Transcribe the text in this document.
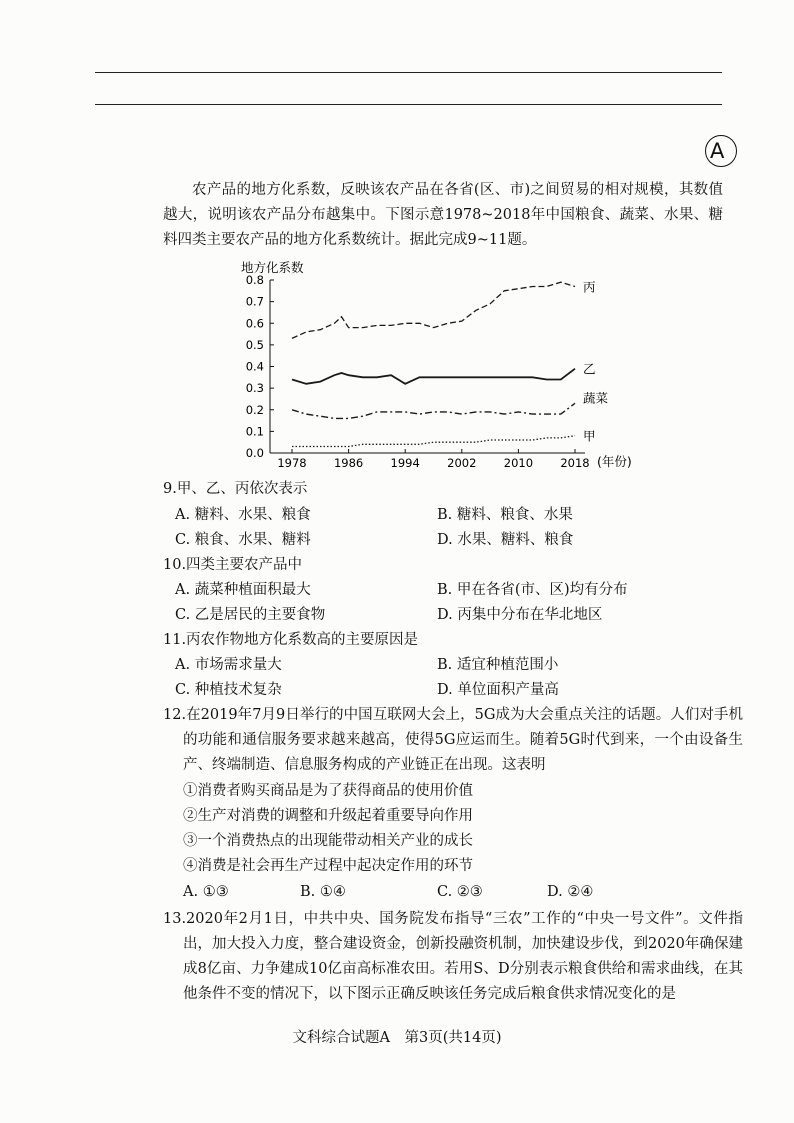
A
农产品的地方化系数，反映该农产品在各省(区、市)之间贸易的相对规模，其数值越大，说明该农产品分布越集中。下图示意1978~2018年中国粮食、蔬菜、水果、糖料四类主要农产品的地方化系数统计。据此完成9~11题。
地方化系数
0.0
0.1
0.2
0.3
0.4
0.5
0.6
0.7
0.8
1978 1986 1994 2002 2010 2018
丙
乙
蔬菜
甲
(年份)
9.甲、乙、丙依次表示
A. 糖料、水果、粮食	B. 糖料、粮食、水果
C. 粮食、水果、糖料	D. 水果、糖料、粮食
10.四类主要农产品中
A. 蔬菜种植面积最大	B. 甲在各省(市、区)均有分布
C. 乙是居民的主要食物	D. 丙集中分布在华北地区
11.丙农作物地方化系数高的主要原因是
A. 市场需求量大	B. 适宜种植范围小
C. 种植技术复杂	D. 单位面积产量高
12.在2019年7月9日举行的中国互联网大会上，5G成为大会重点关注的话题。人们对手机的功能和通信服务要求越来越高，使得5G应运而生。随着5G时代到来，一个由设备生产、终端制造、信息服务构成的产业链正在出现。这表明
①消费者购买商品是为了获得商品的使用价值
②生产对消费的调整和升级起着重要导向作用
③一个消费热点的出现能带动相关产业的成长
④消费是社会再生产过程中起决定作用的环节
A. ①③	B. ①④	C. ②③	D. ②④
13.2020年2月1日，中共中央、国务院发布指导“三农”工作的“中央一号文件”。文件指出，加大投入力度，整合建设资金，创新投融资机制，加快建设步伐，到2020年确保建成8亿亩、力争建成10亿亩高标准农田。若用S、D分别表示粮食供给和需求曲线，在其他条件不变的情况下，以下图示正确反映该任务完成后粮食供求情况变化的是
文科综合试题A　第3页(共14页)
